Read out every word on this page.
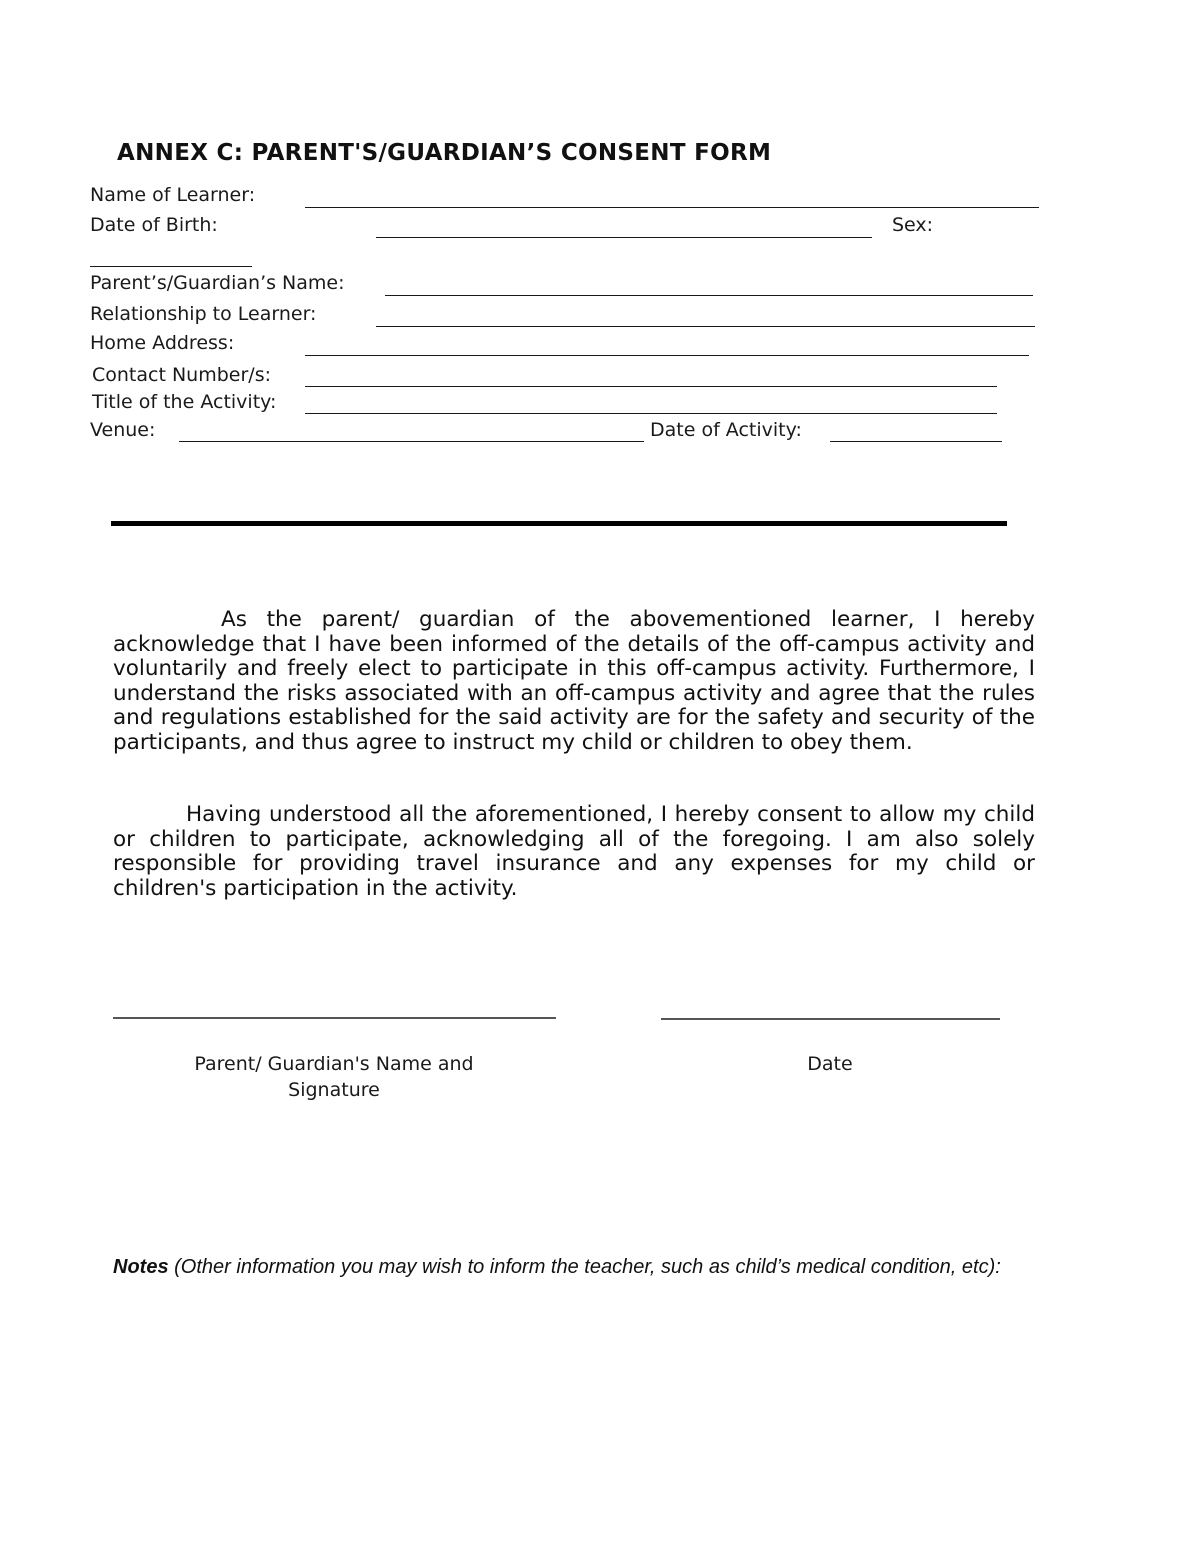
ANNEX C: PARENT'S/GUARDIAN’S CONSENT FORM
Name of Learner:
Date of Birth:	Sex:
Parent’s/Guardian’s Name:
Relationship to Learner:
Home Address:
Contact Number/s:
Title of the Activity:
Venue:	Date of Activity:
As the parent/ guardian of the abovementioned learner, I hereby acknowledge that I have been informed of the details of the off-campus activity and voluntarily and freely elect to participate in this off-campus activity. Furthermore, I understand the risks associated with an off-campus activity and agree that the rules and regulations established for the said activity are for the safety and security of the participants, and thus agree to instruct my child or children to obey them.
Having understood all the aforementioned, I hereby consent to allow my child or children to participate, acknowledging all of the foregoing. I am also solely responsible for providing travel insurance and any expenses for my child or children's participation in the activity.
Parent/ Guardian's Name and Signature
Date
Notes (Other information you may wish to inform the teacher, such as child’s medical condition, etc):
